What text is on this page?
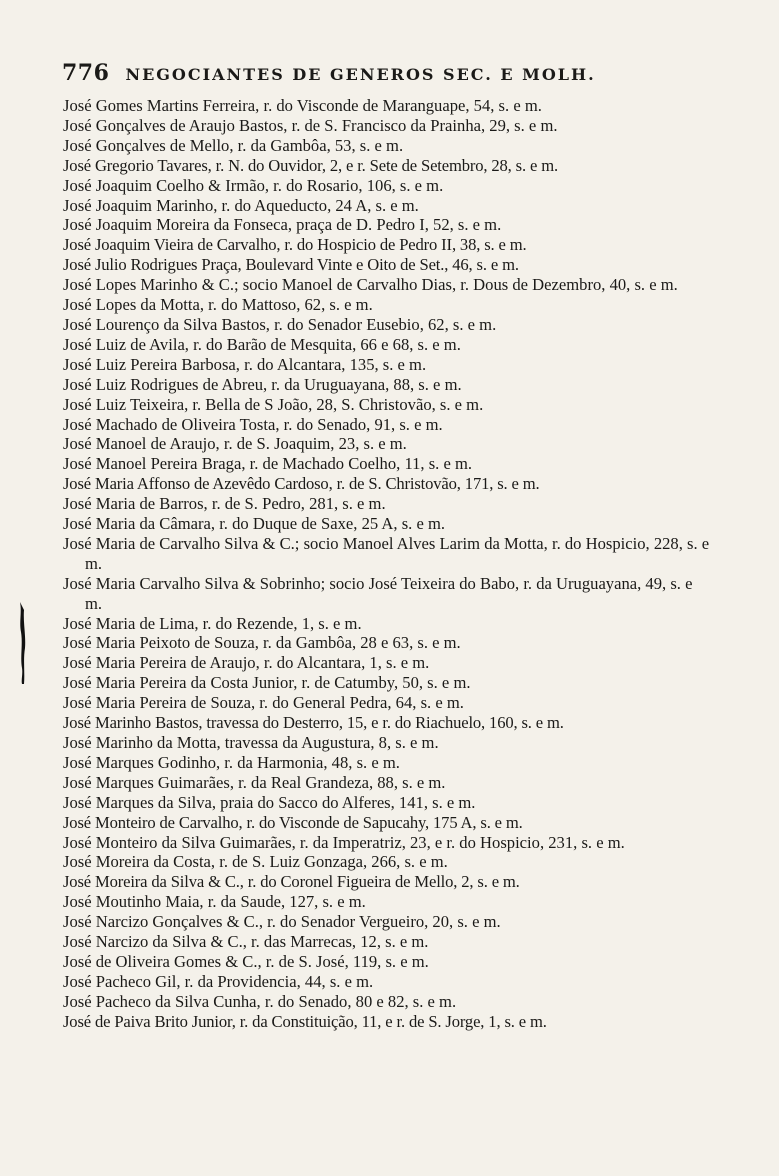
776 NEGOCIANTES DE GENEROS SEC. E MOLH.
José Gomes Martins Ferreira, r. do Visconde de Maranguape, 54, s. e m.
José Gonçalves de Araujo Bastos, r. de S. Francisco da Prainha, 29, s. e m.
José Gonçalves de Mello, r. da Gambôa, 53, s. e m.
José Gregorio Tavares, r. N. do Ouvidor, 2, e r. Sete de Setembro, 28, s. e m.
José Joaquim Coelho & Irmão, r. do Rosario, 106, s. e m.
José Joaquim Marinho, r. do Aqueducto, 24 A, s. e m.
José Joaquim Moreira da Fonseca, praça de D. Pedro I, 52, s. e m.
José Joaquim Vieira de Carvalho, r. do Hospicio de Pedro II, 38, s. e m.
José Julio Rodrigues Praça, Boulevard Vinte e Oito de Set., 46, s. e m.
José Lopes Marinho & C.; socio Manoel de Carvalho Dias, r. Dous de Dezembro, 40, s. e m.
José Lopes da Motta, r. do Mattoso, 62, s. e m.
José Lourenço da Silva Bastos, r. do Senador Eusebio, 62, s. e m.
José Luiz de Avila, r. do Barão de Mesquita, 66 e 68, s. e m.
José Luiz Pereira Barbosa, r. do Alcantara, 135, s. e m.
José Luiz Rodrigues de Abreu, r. da Uruguayana, 88, s. e m.
José Luiz Teixeira, r. Bella de S João, 28, S. Christovão, s. e m.
José Machado de Oliveira Tosta, r. do Senado, 91, s. e m.
José Manoel de Araujo, r. de S. Joaquim, 23, s. e m.
José Manoel Pereira Braga, r. de Machado Coelho, 11, s. e m.
José Maria Affonso de Azevêdo Cardoso, r. de S. Christovão, 171, s. e m.
José Maria de Barros, r. de S. Pedro, 281, s. e m.
José Maria da Câmara, r. do Duque de Saxe, 25 A, s. e m.
José Maria de Carvalho Silva & C.; socio Manoel Alves Larim da Motta, r. do Hospicio, 228, s. e m.
José Maria Carvalho Silva & Sobrinho; socio José Teixeira do Babo, r. da Uruguayana, 49, s. e m.
José Maria de Lima, r. do Rezende, 1, s. e m.
José Maria Peixoto de Souza, r. da Gambôa, 28 e 63, s. e m.
José Maria Pereira de Araujo, r. do Alcantara, 1, s. e m.
José Maria Pereira da Costa Junior, r. de Catumby, 50, s. e m.
José Maria Pereira de Souza, r. do General Pedra, 64, s. e m.
José Marinho Bastos, travessa do Desterro, 15, e r. do Riachuelo, 160, s. e m.
José Marinho da Motta, travessa da Augustura, 8, s. e m.
José Marques Godinho, r. da Harmonia, 48, s. e m.
José Marques Guimarães, r. da Real Grandeza, 88, s. e m.
José Marques da Silva, praia do Sacco do Alferes, 141, s. e m.
José Monteiro de Carvalho, r. do Visconde de Sapucahy, 175 A, s. e m.
José Monteiro da Silva Guimarães, r. da Imperatriz, 23, e r. do Hospicio, 231, s. e m.
José Moreira da Costa, r. de S. Luiz Gonzaga, 266, s. e m.
José Moreira da Silva & C., r. do Coronel Figueira de Mello, 2, s. e m.
José Moutinho Maia, r. da Saude, 127, s. e m.
José Narcizo Gonçalves & C., r. do Senador Vergueiro, 20, s. e m.
José Narcizo da Silva & C., r. das Marrecas, 12, s. e m.
José de Oliveira Gomes & C., r. de S. José, 119, s. e m.
José Pacheco Gil, r. da Providencia, 44, s. e m.
José Pacheco da Silva Cunha, r. do Senado, 80 e 82, s. e m.
José de Paiva Brito Junior, r. da Constituição, 11, e r. de S. Jorge, 1, s. e m.
